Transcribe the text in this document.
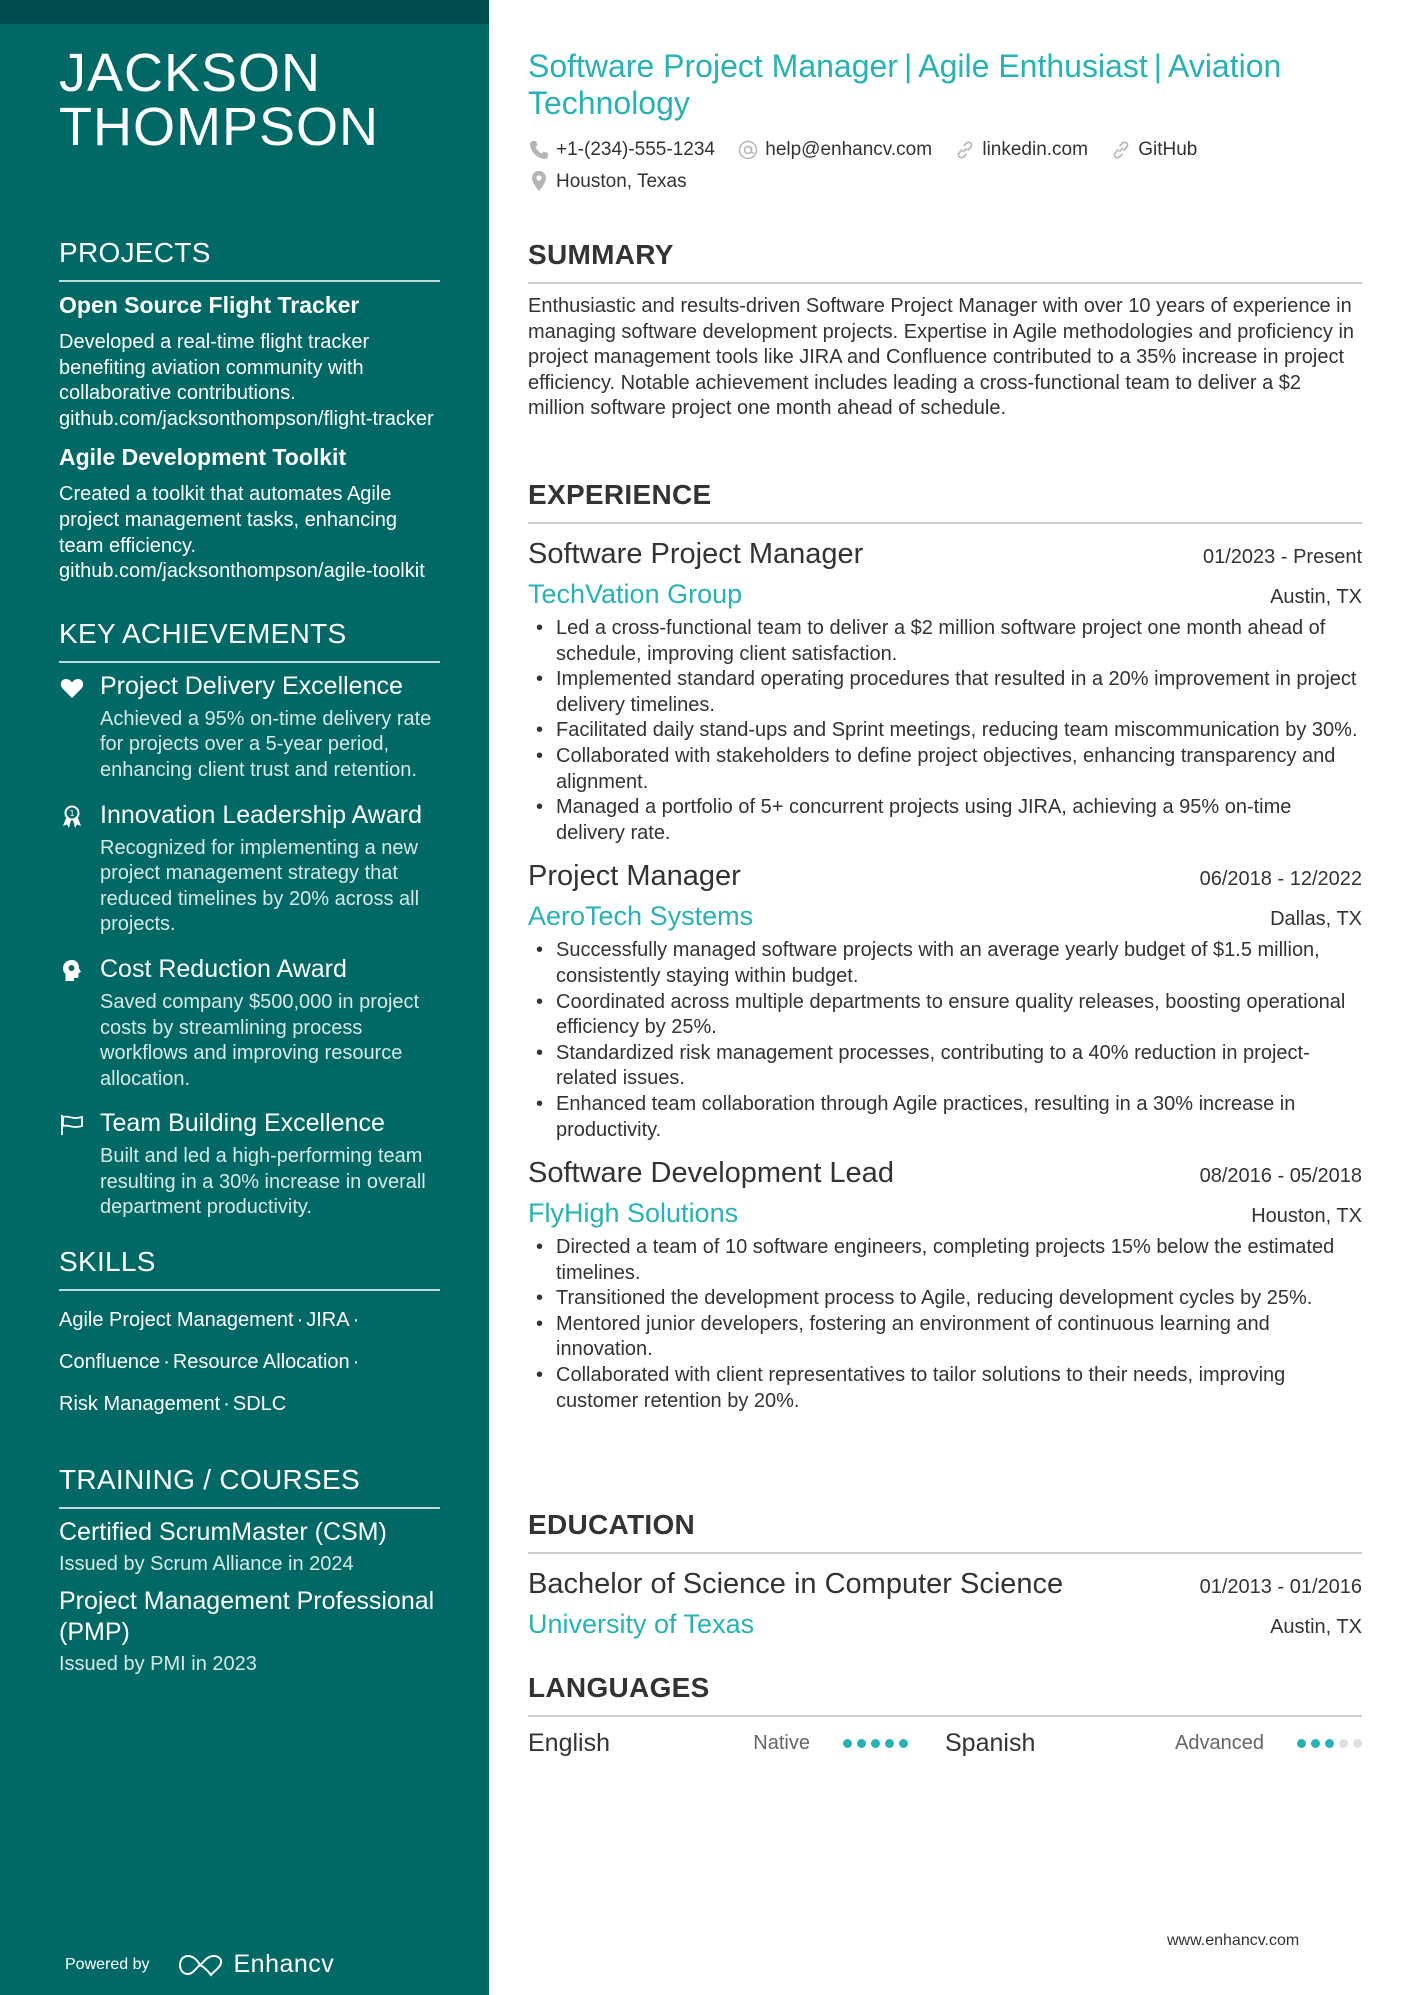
JACKSON
THOMPSON
PROJECTS
Open Source Flight Tracker

Developed a real-time flight tracker benefiting aviation community with collaborative contributions. github.com/jacksonthompson/flight-tracker

Agile Development Toolkit

Created a toolkit that automates Agile project management tasks, enhancing team efficiency. github.com/jacksonthompson/agile-toolkit

KEY ACHIEVEMENTS
Project Delivery Excellence
Achieved a 95% on-time delivery rate for projects over a 5-year period, enhancing client trust and retention.
1 Innovation Leadership Award
Recognized for implementing a new project management strategy that reduced timelines by 20% across all projects.
Cost Reduction Award
Saved company $500,000 in project costs by streamlining process workflows and improving resource allocation.
Team Building Excellence
Built and led a high-performing team resulting in a 30% increase in overall department productivity.
SKILLS
Agile Project Management · JIRA ·
Confluence · Resource Allocation ·
Risk Management · SDLC
TRAINING / COURSES
Certified ScrumMaster (CSM)
Issued by Scrum Alliance in 2024
Project Management Professional (PMP)
Issued by PMI in 2023
Powered by	Enhancv
Software Project Manager | Agile Enthusiast | Aviation Technology
+1-(234)-555-1234
	help@enhancv.com
	linkedin.com
	GitHub

Houston, Texas
SUMMARY

Enthusiastic and results-driven Software Project Manager with over 10 years of experience in managing software development projects. Expertise in Agile methodologies and proficiency in project management tools like JIRA and Confluence contributed to a 35% increase in project efficiency. Notable achievement includes leading a cross-functional team to deliver a $2 million software project one month ahead of schedule.

EXPERIENCE
Software Project Manager	01/2023 - Present
TechVation Group	Austin, TX
• Led a cross-functional team to deliver a $2 million software project one month ahead of schedule, improving client satisfaction.
• Implemented standard operating procedures that resulted in a 20% improvement in project delivery timelines.
• Facilitated daily stand-ups and Sprint meetings, reducing team miscommunication by 30%.
• Collaborated with stakeholders to define project objectives, enhancing transparency and alignment.
• Managed a portfolio of 5+ concurrent projects using JIRA, achieving a 95% on-time delivery rate.
Project Manager	06/2018 - 12/2022
AeroTech Systems	Dallas, TX
• Successfully managed software projects with an average yearly budget of $1.5 million, consistently staying within budget.
• Coordinated across multiple departments to ensure quality releases, boosting operational efficiency by 25%.
• Standardized risk management processes, contributing to a 40% reduction in project-related issues.
• Enhanced team collaboration through Agile practices, resulting in a 30% increase in productivity.
Software Development Lead	08/2016 - 05/2018
FlyHigh Solutions	Houston, TX
• Directed a team of 10 software engineers, completing projects 15% below the estimated timelines.
• Transitioned the development process to Agile, reducing development cycles by 25%.
• Mentored junior developers, fostering an environment of continuous learning and innovation.
• Collaborated with client representatives to tailor solutions to their needs, improving customer retention by 20%.
EDUCATION
Bachelor of Science in Computer Science	01/2013 - 01/2016
University of Texas	Austin, TX
LANGUAGES
English	Native	Spanish	Advanced
www.enhancv.com
